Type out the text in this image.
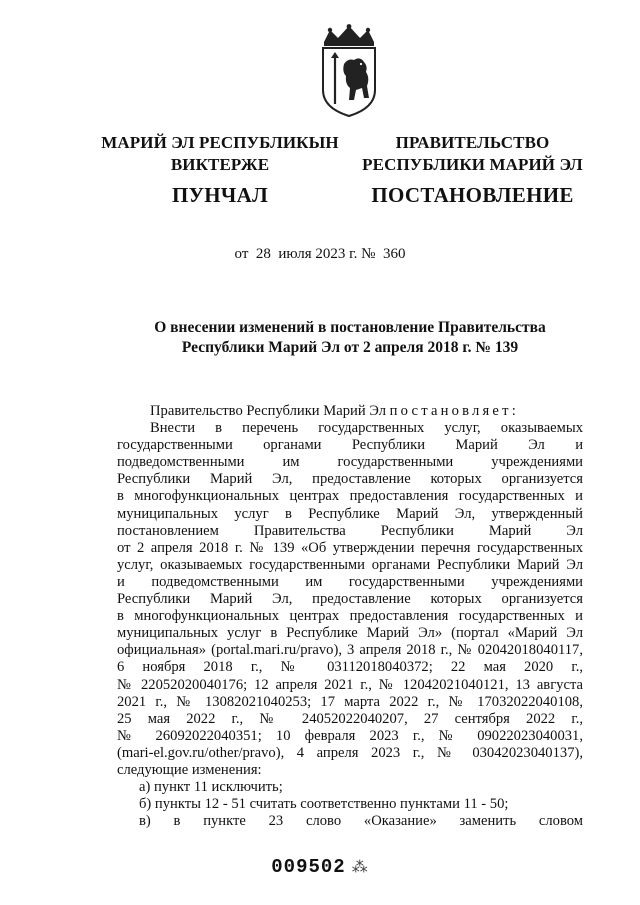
МАРИЙ ЭЛ РЕСПУБЛИКЫН
ВИКТЕРЖЕ
ПУНЧАЛ
ПРАВИТЕЛЬСТВО
РЕСПУБЛИКИ МАРИЙ ЭЛ
ПОСТАНОВЛЕНИЕ
от 28 июля 2023 г. № 360
О внесении изменений в постановление Правительства
Республики Марий Эл от 2 апреля 2018 г. № 139

Правительство Республики Марий Эл постановляет:

Внести в перечень государственных услуг, оказываемых

государственными органами Республики Марий Эл и

подведомственными им государственными учреждениями

Республики Марий Эл, предоставление которых организуется

в многофункциональных центрах предоставления государственных и

муниципальных услуг в Республике Марий Эл, утвержденный

постановлением Правительства Республики Марий Эл

от 2 апреля 2018 г. № 139 «Об утверждении перечня государственных

услуг, оказываемых государственными органами Республики Марий Эл

и подведомственными им государственными учреждениями

Республики Марий Эл, предоставление которых организуется

в многофункциональных центрах предоставления государственных и

муниципальных услуг в Республике Марий Эл» (портал «Марий Эл

официальная» (portal.mari.ru/pravo), 3 апреля 2018 г., № 02042018040117,

6 ноября 2018 г., № 03112018040372; 22 мая 2020 г.,

№ 22052020040176; 12 апреля 2021 г., № 12042021040121, 13 августа

2021 г., № 13082021040253; 17 марта 2022 г., № 17032022040108,

25 мая 2022 г., № 24052022040207, 27 сентября 2022 г.,

№ 26092022040351; 10 февраля 2023 г., № 09022023040031,

(mari-el.gov.ru/other/pravo), 4 апреля 2023 г., № 03042023040137),

следующие изменения:

а) пункт 11 исключить;

б) пункты 12 - 51 считать соответственно пунктами 11 - 50;

в) в пункте 23 слово «Оказание» заменить словом

009502 ⁂
